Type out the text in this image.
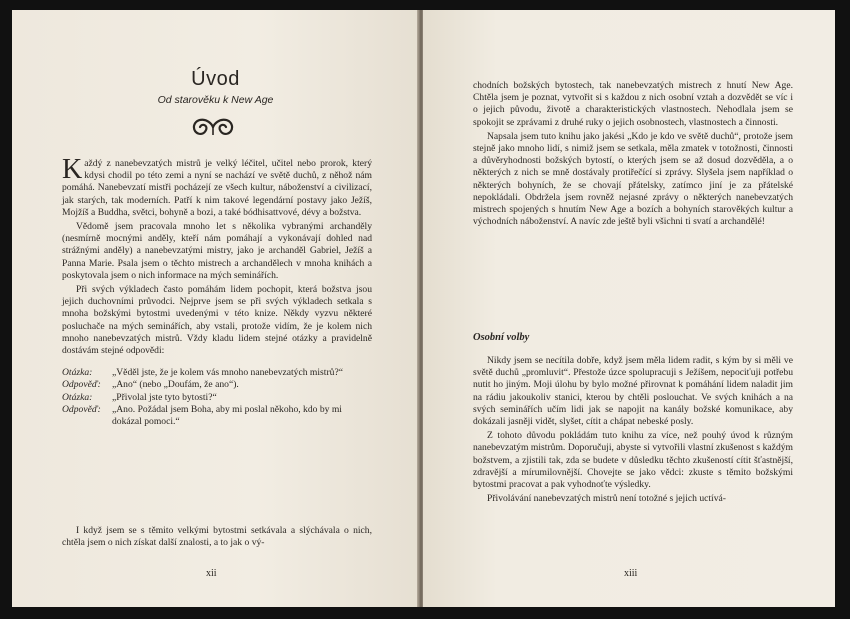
Úvod
Od starověku k New Age

Každý z nanebevzatých mistrů je velký léčitel, učitel nebo prorok, který kdysi chodil po této zemi a nyní se nachází ve světě duchů, z něhož nám pomáhá. Nanebevzatí mistři pocházejí ze všech kultur, náboženství a civilizací, jak starých, tak moderních. Patří k nim takové legendární postavy jako Ježíš, Mojžíš a Buddha, světci, bohyně a bozi, a také bódhisattvové, dévy a božstva.

Vědomě jsem pracovala mnoho let s několika vybranými archanděly (nesmírně mocnými anděly, kteří nám pomáhají a vykonávají dohled nad strážnými anděly) a nanebevzatými mistry, jako je archanděl Gabriel, Ježíš a Panna Marie. Psala jsem o těchto mistrech a archandělech v mnoha knihách a poskytovala jsem o nich informace na mých seminářích.

Při svých výkladech často pomáhám lidem pochopit, která božstva jsou jejich duchovními průvodci. Nejprve jsem se při svých výkladech setkala s mnoha božskými bytostmi uvedenými v této knize. Někdy vyzvu některé posluchače na mých seminářích, aby vstali, protože vidím, že je kolem nich mnoho nanebevzatých mistrů. Vždy kladu lidem stejné otázky a pravidelně dostávám stejné odpovědi:

Otázka:	„Věděl jste, že je kolem vás mnoho nanebevzatých mistrů?“
Odpověď:	„Ano“ (nebo „Doufám, že ano“).
Otázka:	„Přivolal jste tyto bytosti?“
Odpověď:	„Ano. Požádal jsem Boha, aby mi poslal někoho, kdo by mi dokázal pomoci.“

I když jsem se s těmito velkými bytostmi setkávala a slýchávala o nich, chtěla jsem o nich získat další znalosti, a to jak o vý-

xii

chodních božských bytostech, tak nanebevzatých mistrech z hnutí New Age. Chtěla jsem je poznat, vytvořit si s každou z nich osobní vztah a dozvědět se víc i o jejich původu, životě a charakteristických vlastnostech. Nehodlala jsem se spokojit se zprávami z druhé ruky o jejich osobnostech, vlastnostech a činnosti.

Napsala jsem tuto knihu jako jakési „Kdo je kdo ve světě duchů“, protože jsem stejně jako mnoho lidí, s nimiž jsem se setkala, měla zmatek v totožnosti, činnosti a důvěryhodnosti božských bytostí, o kterých jsem se až dosud dozvěděla, a o některých z nich se mně dostávaly protiřečící si zprávy. Slyšela jsem například o některých bohyních, že se chovají přátelsky, zatímco jiní je za přátelské nepokládali. Obdržela jsem rovněž nejasné zprávy o některých nanebevzatých mistrech spojených s hnutím New Age a bozích a bohyních starověkých kultur a východních náboženství. A navíc zde ještě byli všichni ti svatí a archandělé!

Osobní volby

Nikdy jsem se necítila dobře, když jsem měla lidem radit, s kým by si měli ve světě duchů „promluvit“. Přestože úzce spolupracuji s Ježíšem, nepociťuji potřebu nutit ho jiným. Moji úlohu by bylo možné přirovnat k pomáhání lidem naladit jim na rádiu jakoukoliv stanici, kterou by chtěli poslouchat. Ve svých knihách a na svých seminářích učím lidi jak se napojit na kanály božské komunikace, aby dokázali jasněji vidět, slyšet, cítit a chápat nebeské posly.

Z tohoto důvodu pokládám tuto knihu za více, než pouhý úvod k různým nanebevzatým mistrům. Doporučuji, abyste si vytvořili vlastní zkušenost s každým božstvem, a zjistili tak, zda se budete v důsledku těchto zkušeností cítit šťastnější, zdravější a mírumilovnější. Chovejte se jako vědci: zkuste s těmito božskými bytostmi pracovat a pak vyhodnoťte výsledky.

Přivolávání nanebevzatých mistrů není totožné s jejich uctívá-

xiii
